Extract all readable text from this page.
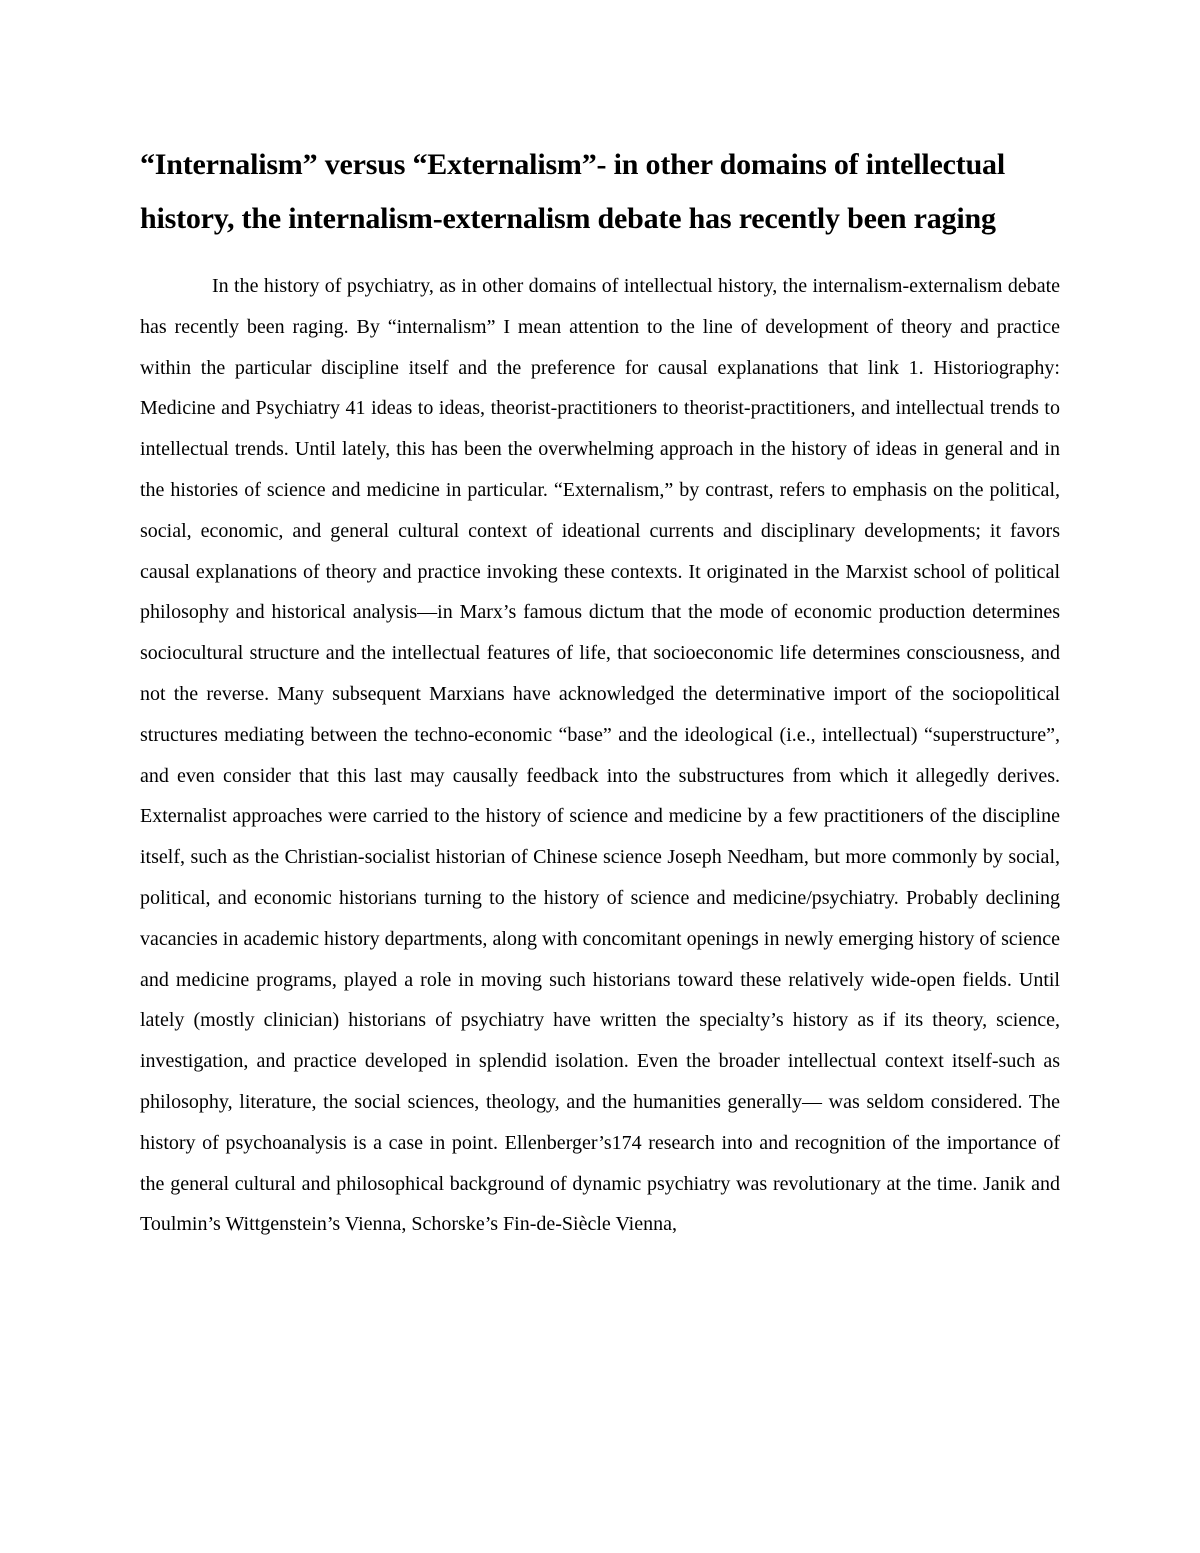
“Internalism” versus “Externalism”- in other domains of intellectual history, the internalism-externalism debate has recently been raging

In the history of psychiatry, as in other domains of intellectual history, the internalism-externalism debate has recently been raging. By “internalism” I mean attention to the line of development of theory and practice within the particular discipline itself and the preference for causal explanations that link 1. Historiography: Medicine and Psychiatry 41 ideas to ideas, theorist-practitioners to theorist-practitioners, and intellectual trends to intellectual trends. Until lately, this has been the overwhelming approach in the history of ideas in general and in the histories of science and medicine in particular. “Externalism,” by contrast, refers to emphasis on the political, social, economic, and general cultural context of ideational currents and disciplinary developments; it favors causal explanations of theory and practice invoking these contexts. It originated in the Marxist school of political philosophy and historical analysis—in Marx’s famous dictum that the mode of economic production determines sociocultural structure and the intellectual features of life, that socioeconomic life determines consciousness, and not the reverse. Many subsequent Marxians have acknowledged the determinative import of the sociopolitical structures mediating between the techno-economic “base” and the ideological (i.e., intellectual) “superstructure”, and even consider that this last may causally feedback into the substructures from which it allegedly derives. Externalist approaches were carried to the history of science and medicine by a few practitioners of the discipline itself, such as the Christian-socialist historian of Chinese science Joseph Needham, but more commonly by social, political, and economic historians turning to the history of science and medicine/psychiatry. Probably declining vacancies in academic history departments, along with concomitant openings in newly emerging history of science and medicine programs, played a role in moving such historians toward these relatively wide-open fields. Until lately (mostly clinician) historians of psychiatry have written the specialty’s history as if its theory, science, investigation, and practice developed in splendid isolation. Even the broader intellectual context itself-such as philosophy, literature, the social sciences, theology, and the humanities generally— was seldom considered. The history of psychoanalysis is a case in point. Ellenberger’s174 research into and recognition of the importance of the general cultural and philosophical background of dynamic psychiatry was revolutionary at the time. Janik and Toulmin’s Wittgenstein’s Vienna, Schorske’s Fin-de-Siècle Vienna,
